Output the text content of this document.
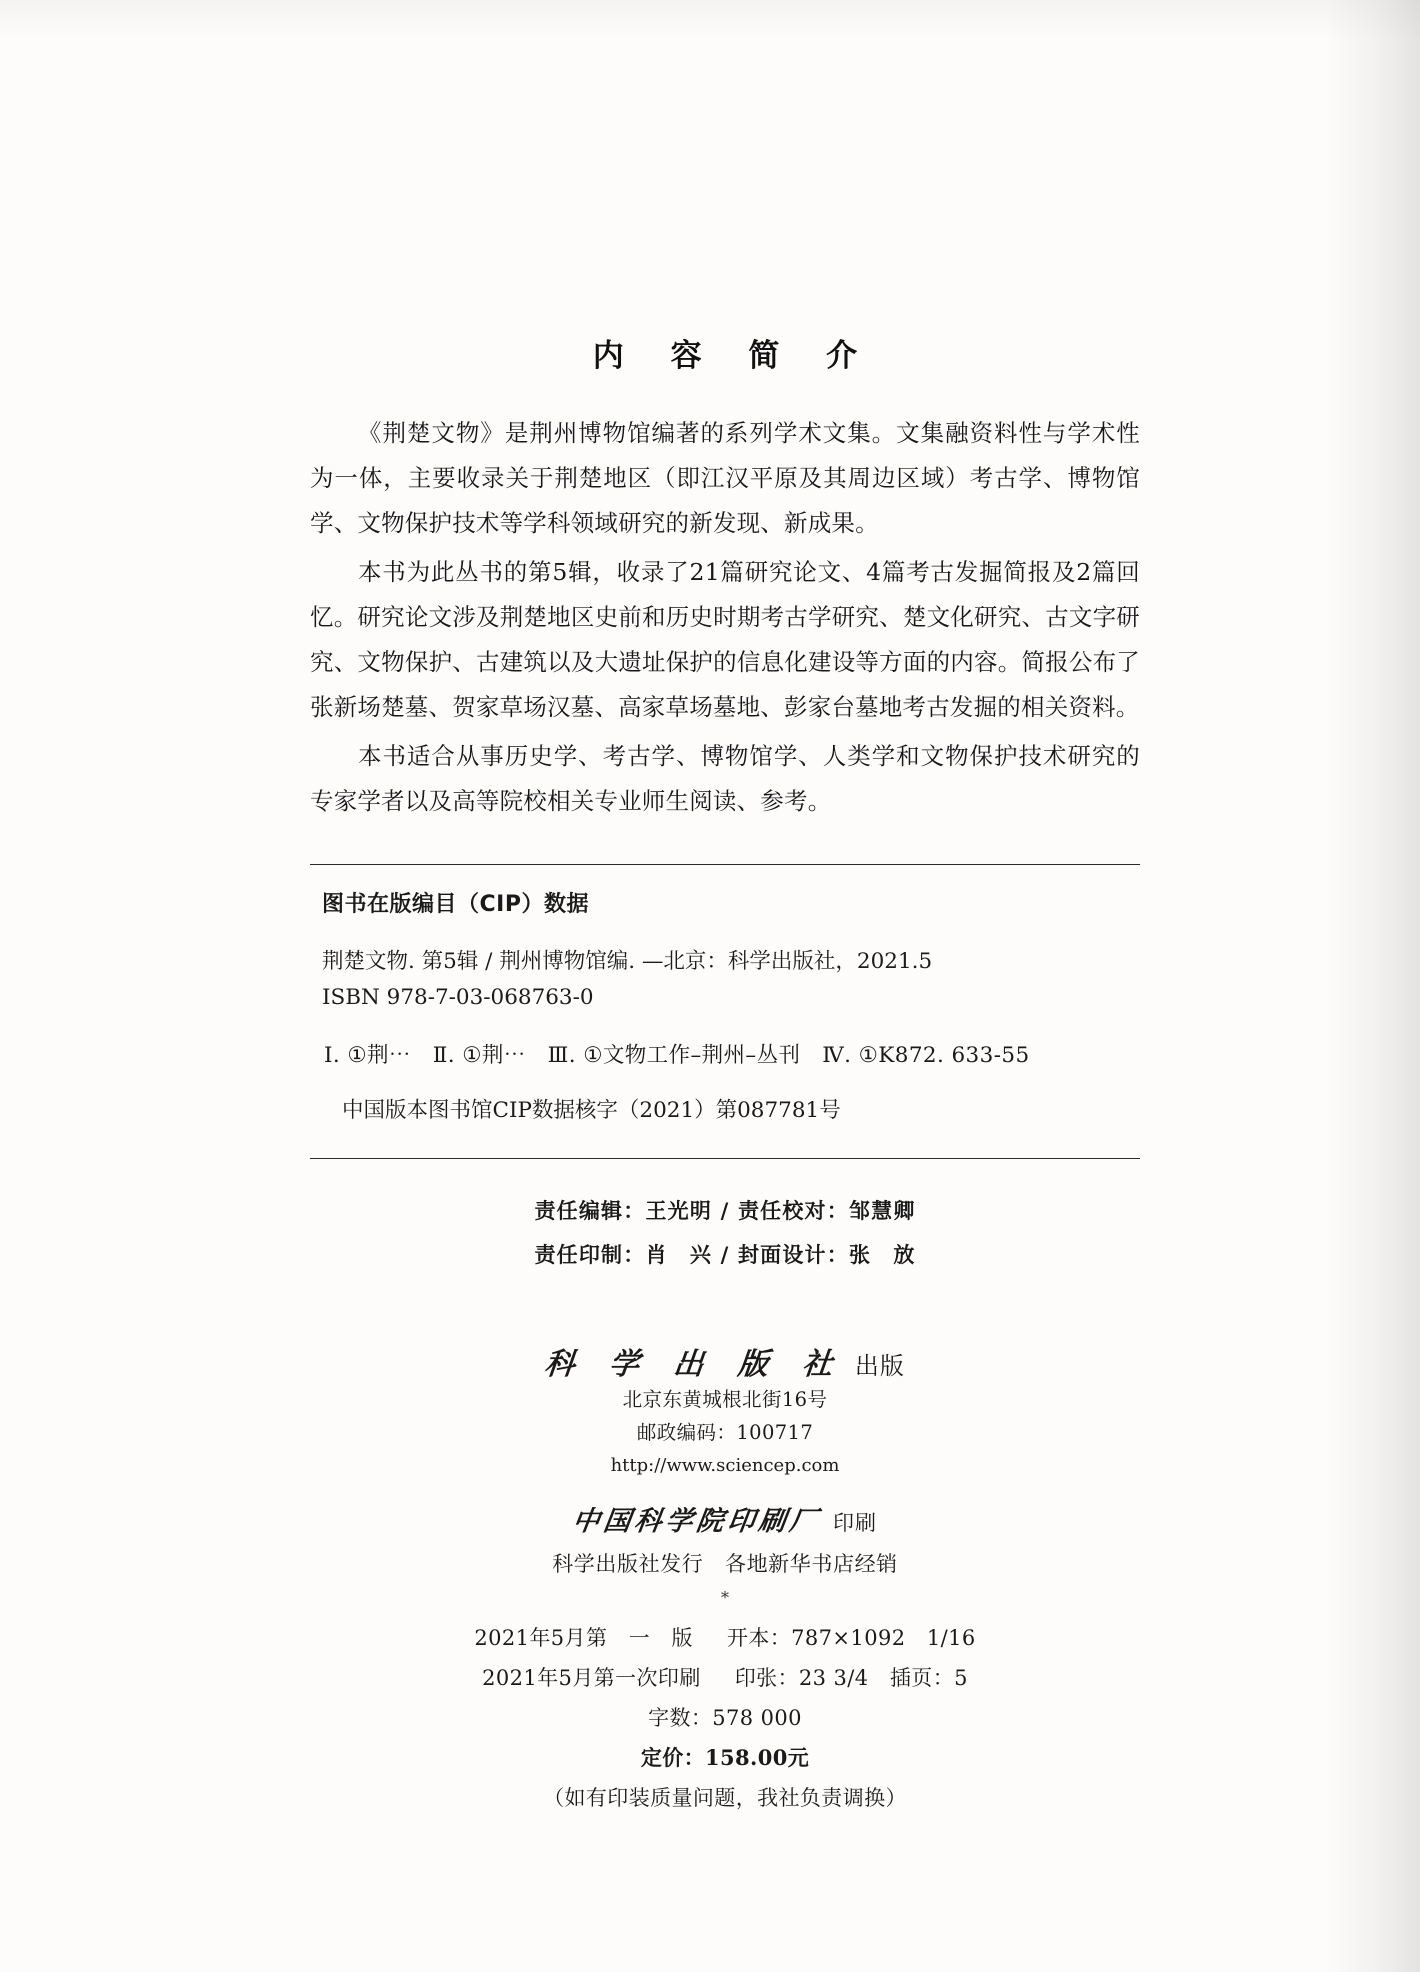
内 容 简 介

《荆楚文物》是荆州博物馆编著的系列学术文集。文集融资料性与学术性为一体，主要收录关于荆楚地区（即江汉平原及其周边区域）考古学、博物馆学、文物保护技术等学科领域研究的新发现、新成果。

本书为此丛书的第5辑，收录了21篇研究论文、4篇考古发掘简报及2篇回忆。研究论文涉及荆楚地区史前和历史时期考古学研究、楚文化研究、古文字研究、文物保护、古建筑以及大遗址保护的信息化建设等方面的内容。简报公布了张新场楚墓、贺家草场汉墓、高家草场墓地、彭家台墓地考古发掘的相关资料。

本书适合从事历史学、考古学、博物馆学、人类学和文物保护技术研究的专家学者以及高等院校相关专业师生阅读、参考。

图书在版编目（CIP）数据
荆楚文物. 第5辑 / 荆州博物馆编. —北京：科学出版社，2021.5
ISBN 978-7-03-068763-0
Ⅰ. ①荆⋯　Ⅱ. ①荆⋯　Ⅲ. ①文物工作–荆州–丛刊　Ⅳ. ①K872. 633-55
中国版本图书馆CIP数据核字（2021）第087781号
责任编辑：王光明 / 责任校对：邹慧卿
责任印制：肖　兴 / 封面设计：张　放
科 学 出 版 社 出版
北京东黄城根北街16号
邮政编码：100717
http://www.sciencep.com
中国科学院印刷厂 印刷
科学出版社发行　各地新华书店经销
*
2021年5月第　一　版 开本：787×1092　1/16
2021年5月第一次印刷 印张：23 3/4　插页：5
字数：578 000
定价：158.00元
（如有印装质量问题，我社负责调换）
